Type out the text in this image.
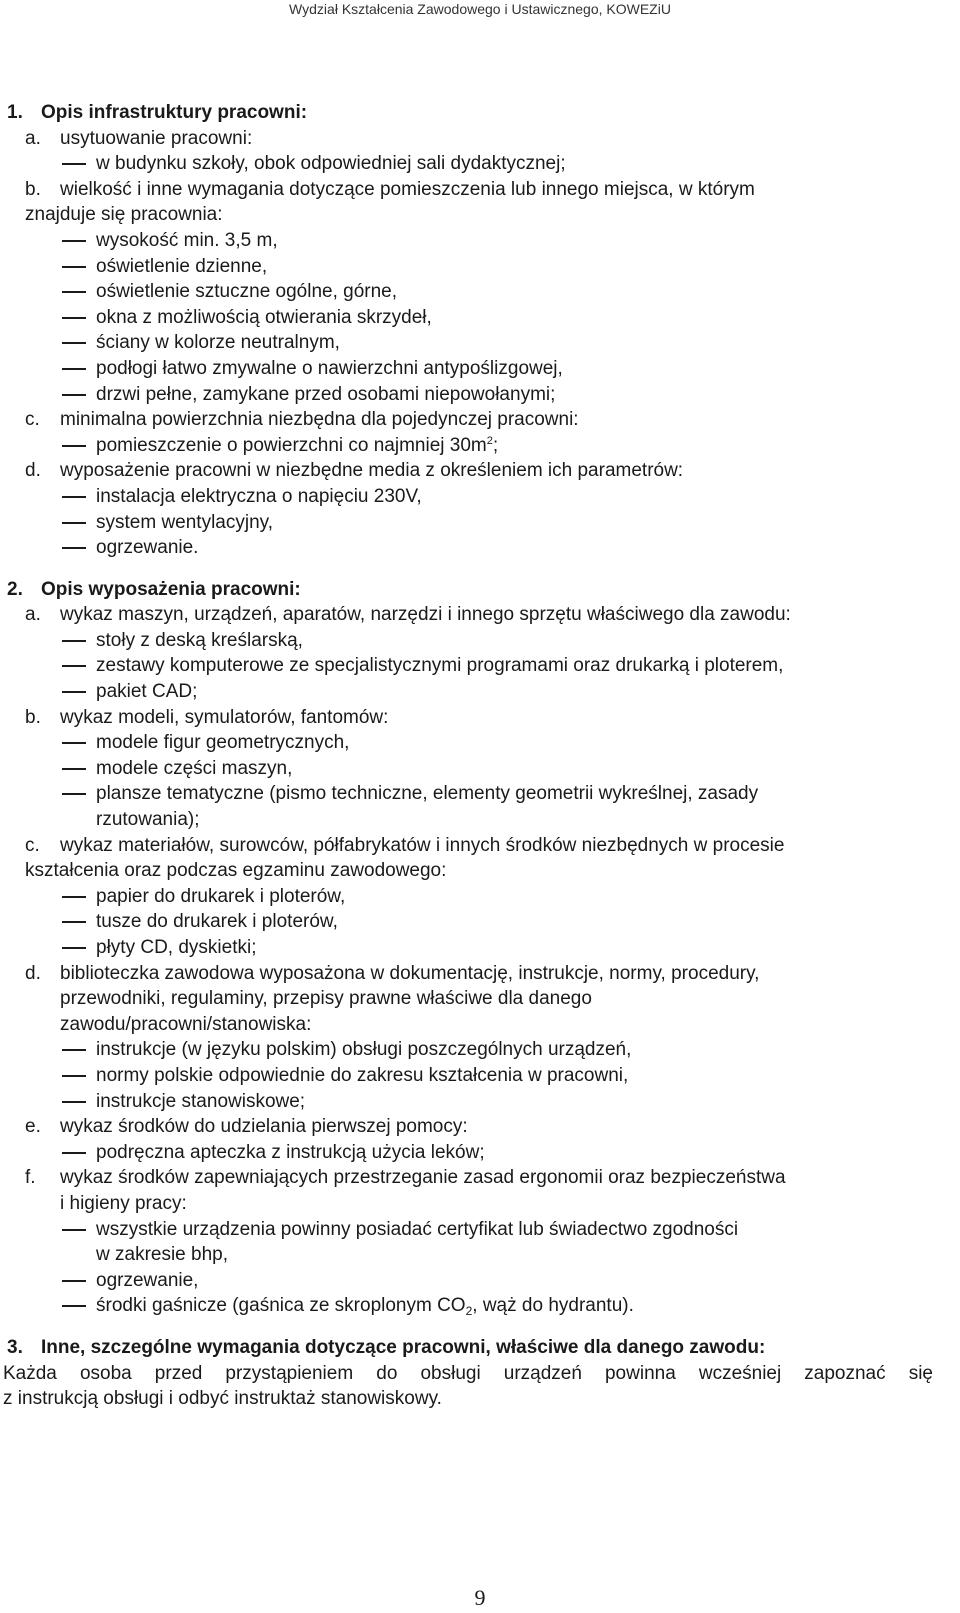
Wydział Kształcenia Zawodowego i Ustawicznego, KOWEZiU
1. Opis infrastruktury pracowni:
a. usytuowanie pracowni:
w budynku szkoły, obok odpowiedniej sali dydaktycznej;
b. wielkość i inne wymagania dotyczące pomieszczenia lub innego miejsca, w którym
znajduje się pracownia:
wysokość min. 3,5 m,
oświetlenie dzienne,
oświetlenie sztuczne ogólne, górne,
okna z możliwością otwierania skrzydeł,
ściany w kolorze neutralnym,
podłogi łatwo zmywalne o nawierzchni antypoślizgowej,
drzwi pełne, zamykane przed osobami niepowołanymi;
c. minimalna powierzchnia niezbędna dla pojedynczej pracowni:
pomieszczenie o powierzchni co najmniej $30m^2$;
d. wyposażenie pracowni w niezbędne media z określeniem ich parametrów:
instalacja elektryczna o napięciu 230V,
system wentylacyjny,
ogrzewanie.
2. Opis wyposażenia pracowni:
a. wykaz maszyn, urządzeń, aparatów, narzędzi i innego sprzętu właściwego dla zawodu:
stoły z deską kreślarską,
zestawy komputerowe ze specjalistycznymi programami oraz drukarką i ploterem,
pakiet CAD;
b. wykaz modeli, symulatorów, fantomów:
modele figur geometrycznych,
modele części maszyn,
plansze tematyczne (pismo techniczne, elementy geometrii wykreślnej, zasady
rzutowania);
c. wykaz materiałów, surowców, półfabrykatów i innych środków niezbędnych w procesie
kształcenia oraz podczas egzaminu zawodowego:
papier do drukarek i ploterów,
tusze do drukarek i ploterów,
płyty CD, dyskietki;
d. biblioteczka zawodowa wyposażona w dokumentację, instrukcje, normy, procedury,
przewodniki, regulaminy, przepisy prawne właściwe dla danego
zawodu/pracowni/stanowiska:
instrukcje (w języku polskim) obsługi poszczególnych urządzeń,
normy polskie odpowiednie do zakresu kształcenia w pracowni,
instrukcje stanowiskowe;
e. wykaz środków do udzielania pierwszej pomocy:
podręczna apteczka z instrukcją użycia leków;
f. wykaz środków zapewniających przestrzeganie zasad ergonomii oraz bezpieczeństwa
i higieny pracy:
wszystkie urządzenia powinny posiadać certyfikat lub świadectwo zgodności
w zakresie bhp,
ogrzewanie,
środki gaśnicze (gaśnica ze skroplonym $CO_2$, wąż do hydrantu).
3. Inne, szczególne wymagania dotyczące pracowni, właściwe dla danego zawodu:
Każda osoba przed przystąpieniem do obsługi urządzeń powinna wcześniej zapoznać się
z instrukcją obsługi i odbyć instruktaż stanowiskowy.
9
